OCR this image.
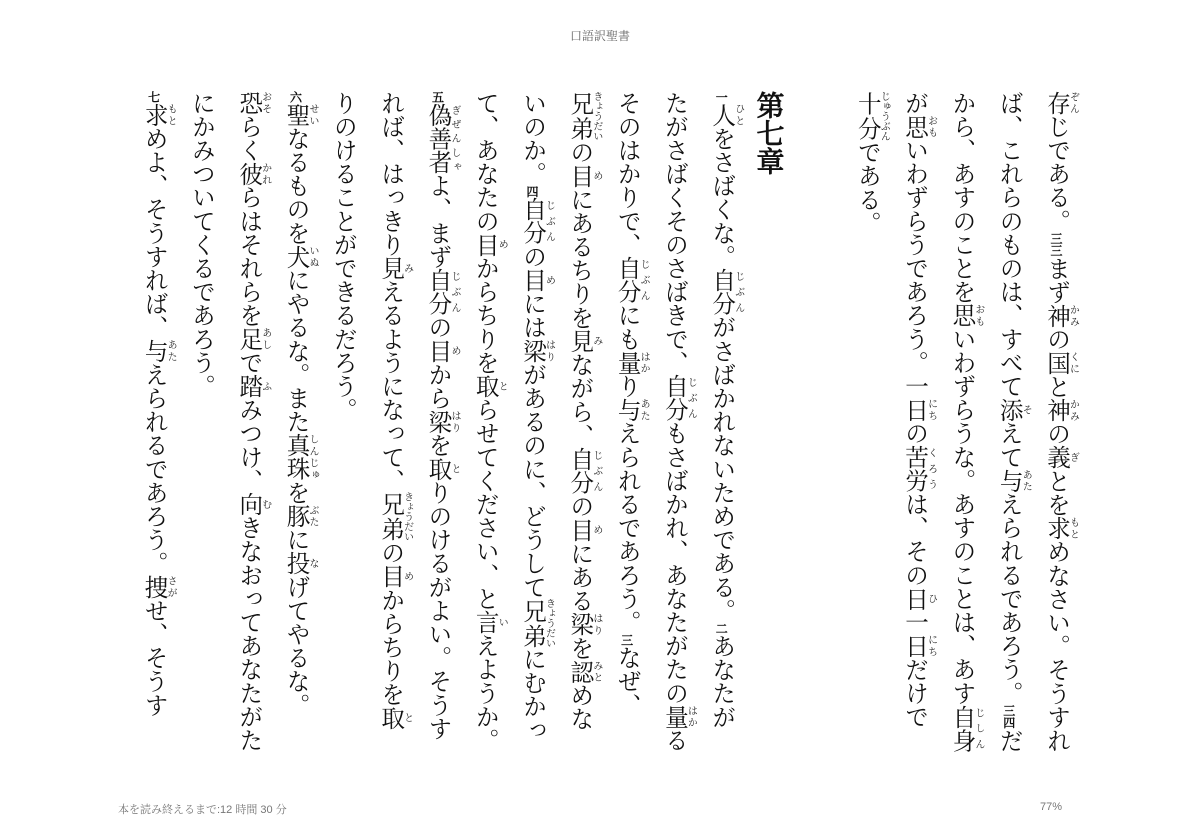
口語訳聖書
存ぞんじである。三三まず神かみの国くにと神かみの義ぎとを求もとめなさい。そうすれ
ば、これらのものは、すべて添そえて与あたえられるであろう。三四だ
から、あすのことを思おもいわずらうな。あすのことは、あす自身じしん
が思おもいわずらうであろう。一日にちの苦労くろうは、その日ひ一日にちだけで
十分じゅうぶんである。
第七章
一人ひとをさばくな。自分じぶんがさばかれないためである。二あなたが
たがさばくそのさばきで、自分じぶんもさばかれ、あなたがたの量はかる
そのはかりで、自分じぶんにも量はかり与あたえられるであろう。三なぜ、
兄弟きょうだいの目めにあるちりを見みながら、自分じぶんの目めにある梁はりを認みとめな
いのか。四自分じぶんの目めには梁はりがあるのに、どうして兄弟きょうだいにむかっ
て、あなたの目めからちりを取とらせてください、と言いえようか。
五偽善者ぎぜんしゃよ、まず自分じぶんの目めから梁はりを取とりのけるがよい。そうす
れば、はっきり見みえるようになって、兄弟きょうだいの目めからちりを取と
りのけることができるだろう。
六聖せいなるものを犬いぬにやるな。また真珠しんじゅを豚ぶたに投なげてやるな。
恐おそらく彼かれらはそれらを足あしで踏ふみつけ、向むきなおってあなたがた
にかみついてくるであろう。
七求もとめよ、そうすれば、与あたえられるであろう。捜さがせ、そうす
本を読み終えるまで:12 時間 30 分	77%
